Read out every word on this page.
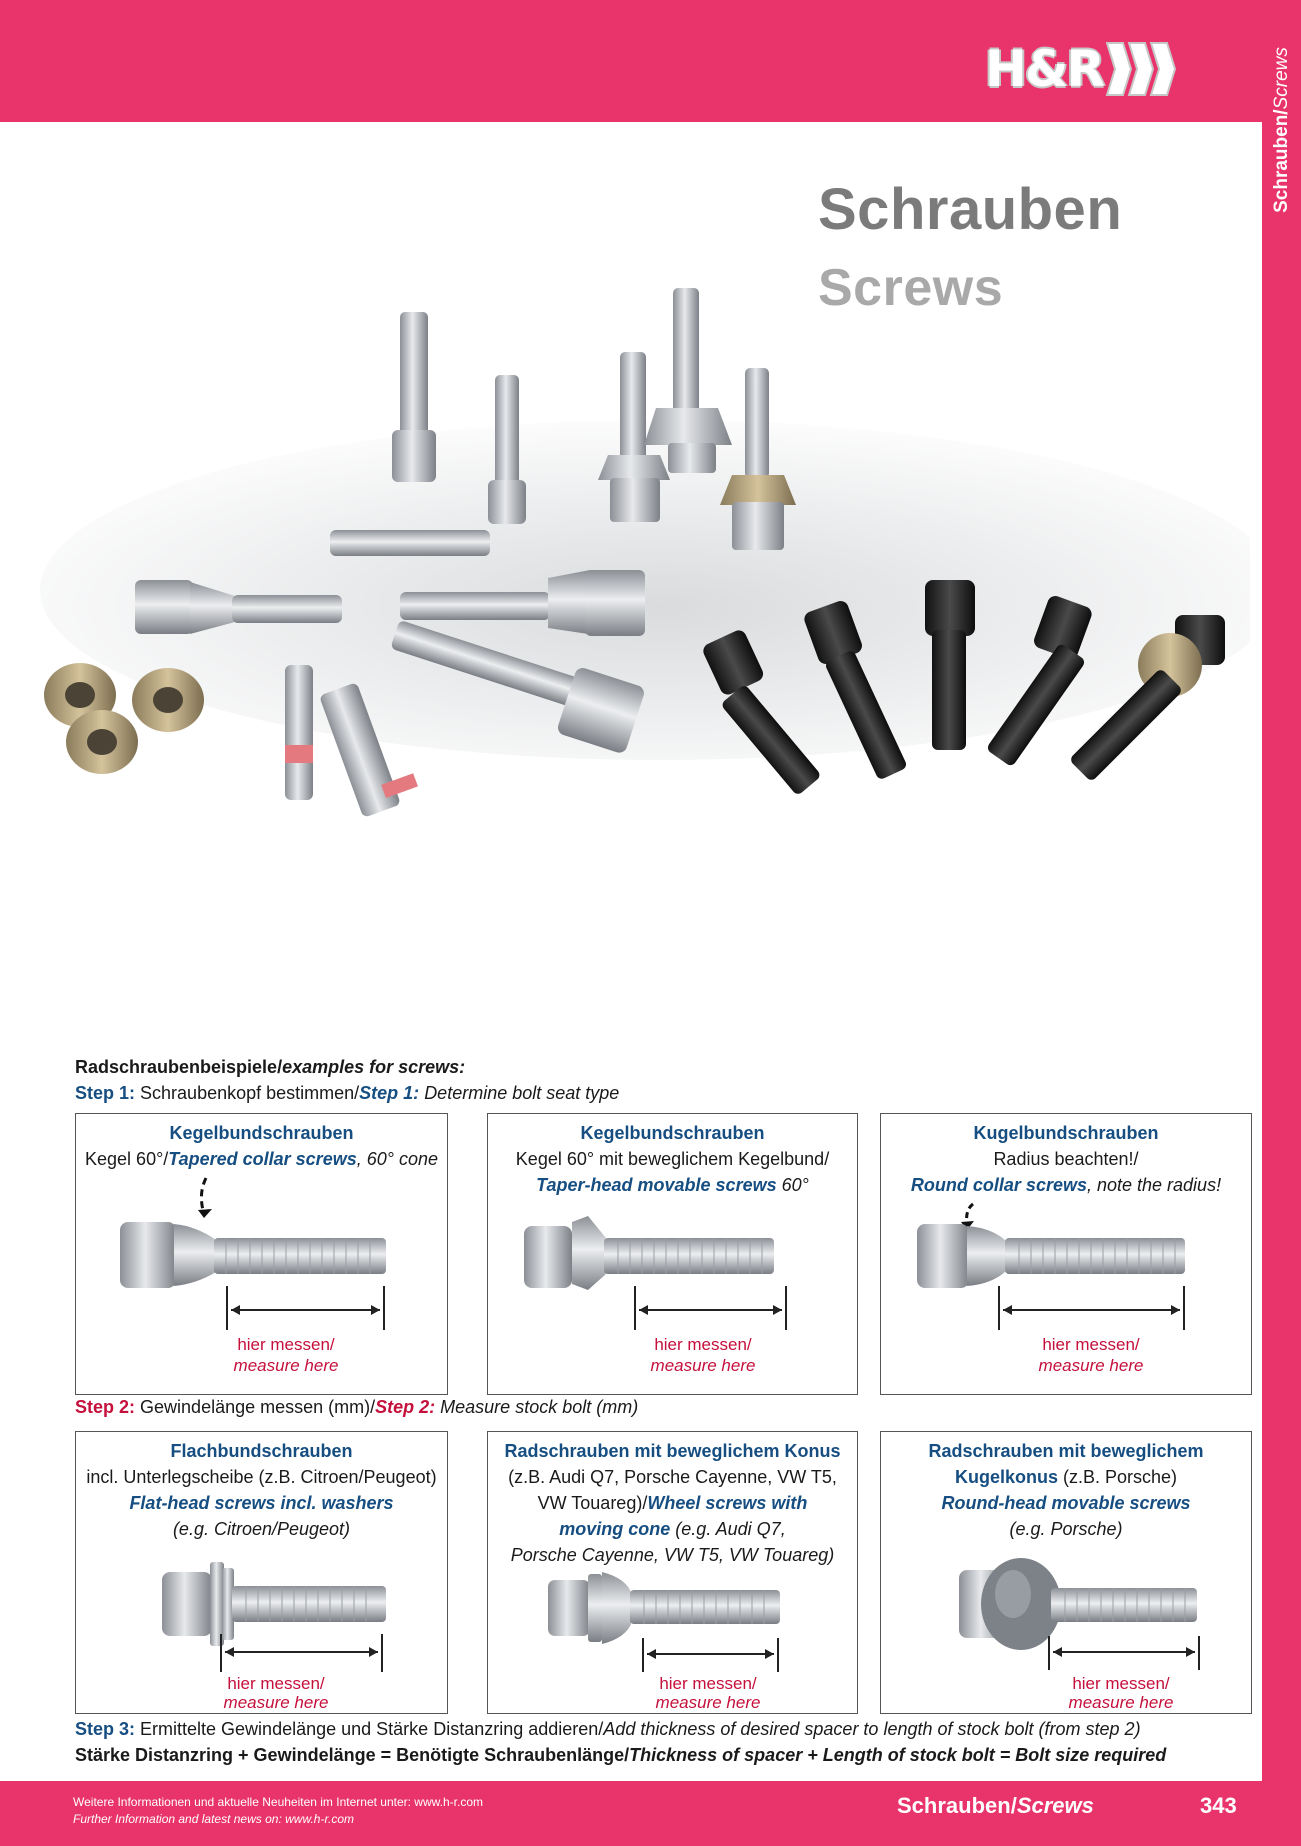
Schrauben/Screws
H&R
Schrauben
Screws
Radschraubenbeispiele/examples for screws:
Step 1: Schraubenkopf bestimmen/Step 1: Determine bolt seat type
Kegelbundschrauben
Kegel 60°/Tapered collar screws, 60° cone
hier messen/
measure here
Kegelbundschrauben
Kegel 60° mit beweglichem Kegelbund/
Taper-head movable screws 60°
hier messen/
measure here
Kugelbundschrauben
Radius beachten!/
Round collar screws, note the radius!
hier messen/
measure here
Step 2: Gewindelänge messen (mm)/Step 2: Measure stock bolt (mm)
Flachbundschrauben
incl. Unterlegscheibe (z.B. Citroen/Peugeot)
Flat-head screws incl. washers
(e.g. Citroen/Peugeot)
hier messen/
measure here
Radschrauben mit beweglichem Konus
(z.B. Audi Q7, Porsche Cayenne, VW T5,
VW Touareg)/Wheel screws with
moving cone (e.g. Audi Q7,
Porsche Cayenne, VW T5, VW Touareg)
hier messen/
measure here
Radschrauben mit beweglichem
Kugelkonus (z.B. Porsche)
Round-head movable screws
(e.g. Porsche)
hier messen/
measure here
Step 3: Ermittelte Gewindelänge und Stärke Distanzring addieren/Add thickness of desired spacer to length of stock bolt (from step 2)
Stärke Distanzring + Gewindelänge = Benötigte Schraubenlänge/Thickness of spacer + Length of stock bolt = Bolt size required
Weitere Informationen und aktuelle Neuheiten im Internet unter: www.h-r.com
Further Information and latest news on: www.h-r.com
Schrauben/Screws	343
